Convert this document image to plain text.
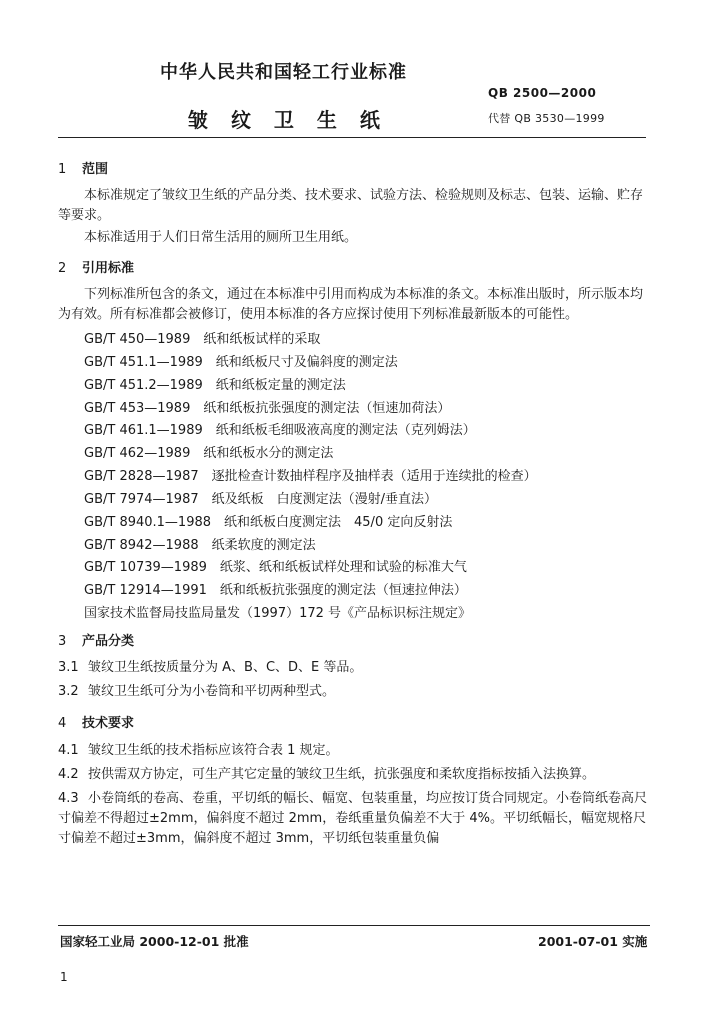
中华人民共和国轻工行业标准
QB 2500—2000
皱 纹 卫 生 纸	代替 QB 3530—1999
1 范围

本标准规定了皱纹卫生纸的产品分类、技术要求、试验方法、检验规则及标志、包装、运输、贮存等要求。

本标准适用于人们日常生活用的厕所卫生用纸。

2 引用标准

下列标准所包含的条文，通过在本标准中引用而构成为本标准的条文。本标准出版时，所示版本均为有效。所有标准都会被修订，使用本标准的各方应探讨使用下列标准最新版本的可能性。

GB/T 450—1989　纸和纸板试样的采取
GB/T 451.1—1989　纸和纸板尺寸及偏斜度的测定法
GB/T 451.2—1989　纸和纸板定量的测定法
GB/T 453—1989　纸和纸板抗张强度的测定法（恒速加荷法）
GB/T 461.1—1989　纸和纸板毛细吸液高度的测定法（克列姆法）
GB/T 462—1989　纸和纸板水分的测定法
GB/T 2828—1987　逐批检查计数抽样程序及抽样表（适用于连续批的检查）
GB/T 7974—1987　纸及纸板　白度测定法（漫射/垂直法）
GB/T 8940.1—1988　纸和纸板白度测定法　45/0 定向反射法
GB/T 8942—1988　纸柔软度的测定法
GB/T 10739—1989　纸浆、纸和纸板试样处理和试验的标准大气
GB/T 12914—1991　纸和纸板抗张强度的测定法（恒速拉伸法）
国家技术监督局技监局量发（1997）172 号《产品标识标注规定》
3 产品分类

3.1 皱纹卫生纸按质量分为 A、B、C、D、E 等品。

3.2 皱纹卫生纸可分为小卷筒和平切两种型式。

4 技术要求

4.1 皱纹卫生纸的技术指标应该符合表 1 规定。

4.2 按供需双方协定，可生产其它定量的皱纹卫生纸，抗张强度和柔软度指标按插入法换算。

4.3 小卷筒纸的卷高、卷重，平切纸的幅长、幅宽、包装重量，均应按订货合同规定。小卷筒纸卷高尺寸偏差不得超过±2mm，偏斜度不超过 2mm，卷纸重量负偏差不大于 4%。平切纸幅长，幅宽规格尺寸偏差不超过±3mm，偏斜度不超过 3mm，平切纸包装重量负偏

国家轻工业局 2000-12-01 批准	2001-07-01 实施
1
